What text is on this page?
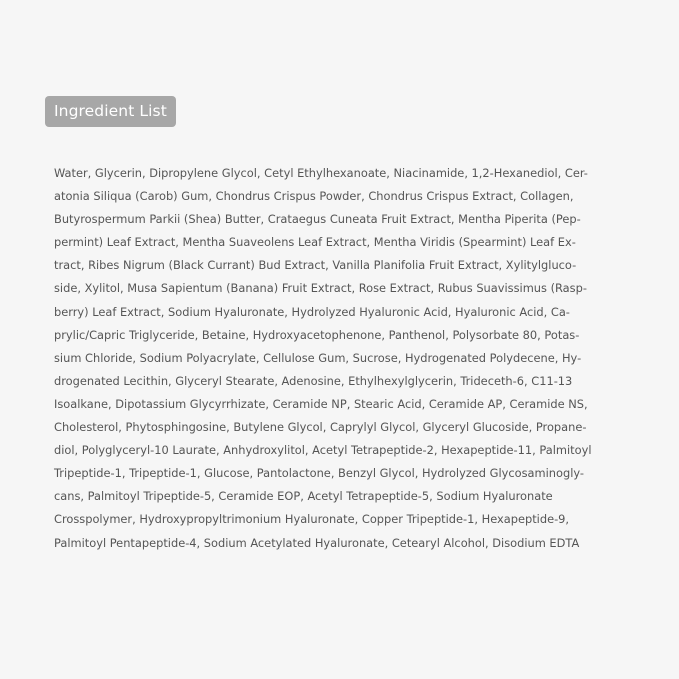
Ingredient List
Water, Glycerin, Dipropylene Glycol, Cetyl Ethylhexanoate, Niacinamide, 1,2-Hexanediol, Cer-
atonia Siliqua (Carob) Gum, Chondrus Crispus Powder, Chondrus Crispus Extract, Collagen,
Butyrospermum Parkii (Shea) Butter, Crataegus Cuneata Fruit Extract, Mentha Piperita (Pep-
permint) Leaf Extract, Mentha Suaveolens Leaf Extract, Mentha Viridis (Spearmint) Leaf Ex-
tract, Ribes Nigrum (Black Currant) Bud Extract, Vanilla Planifolia Fruit Extract, Xylitylgluco-
side, Xylitol, Musa Sapientum (Banana) Fruit Extract, Rose Extract, Rubus Suavissimus (Rasp-
berry) Leaf Extract, Sodium Hyaluronate, Hydrolyzed Hyaluronic Acid, Hyaluronic Acid, Ca-
prylic/Capric Triglyceride, Betaine, Hydroxyacetophenone, Panthenol, Polysorbate 80, Potas-
sium Chloride, Sodium Polyacrylate, Cellulose Gum, Sucrose, Hydrogenated Polydecene, Hy-
drogenated Lecithin, Glyceryl Stearate, Adenosine, Ethylhexylglycerin, Trideceth-6, C11-13
Isoalkane, Dipotassium Glycyrrhizate, Ceramide NP, Stearic Acid, Ceramide AP, Ceramide NS,
Cholesterol, Phytosphingosine, Butylene Glycol, Caprylyl Glycol, Glyceryl Glucoside, Propane-
diol, Polyglyceryl-10 Laurate, Anhydroxylitol, Acetyl Tetrapeptide-2, Hexapeptide-11, Palmitoyl
Tripeptide-1, Tripeptide-1, Glucose, Pantolactone, Benzyl Glycol, Hydrolyzed Glycosaminogly-
cans, Palmitoyl Tripeptide-5, Ceramide EOP, Acetyl Tetrapeptide-5, Sodium Hyaluronate
Crosspolymer, Hydroxypropyltrimonium Hyaluronate, Copper Tripeptide-1, Hexapeptide-9,
Palmitoyl Pentapeptide-4, Sodium Acetylated Hyaluronate, Cetearyl Alcohol, Disodium EDTA
